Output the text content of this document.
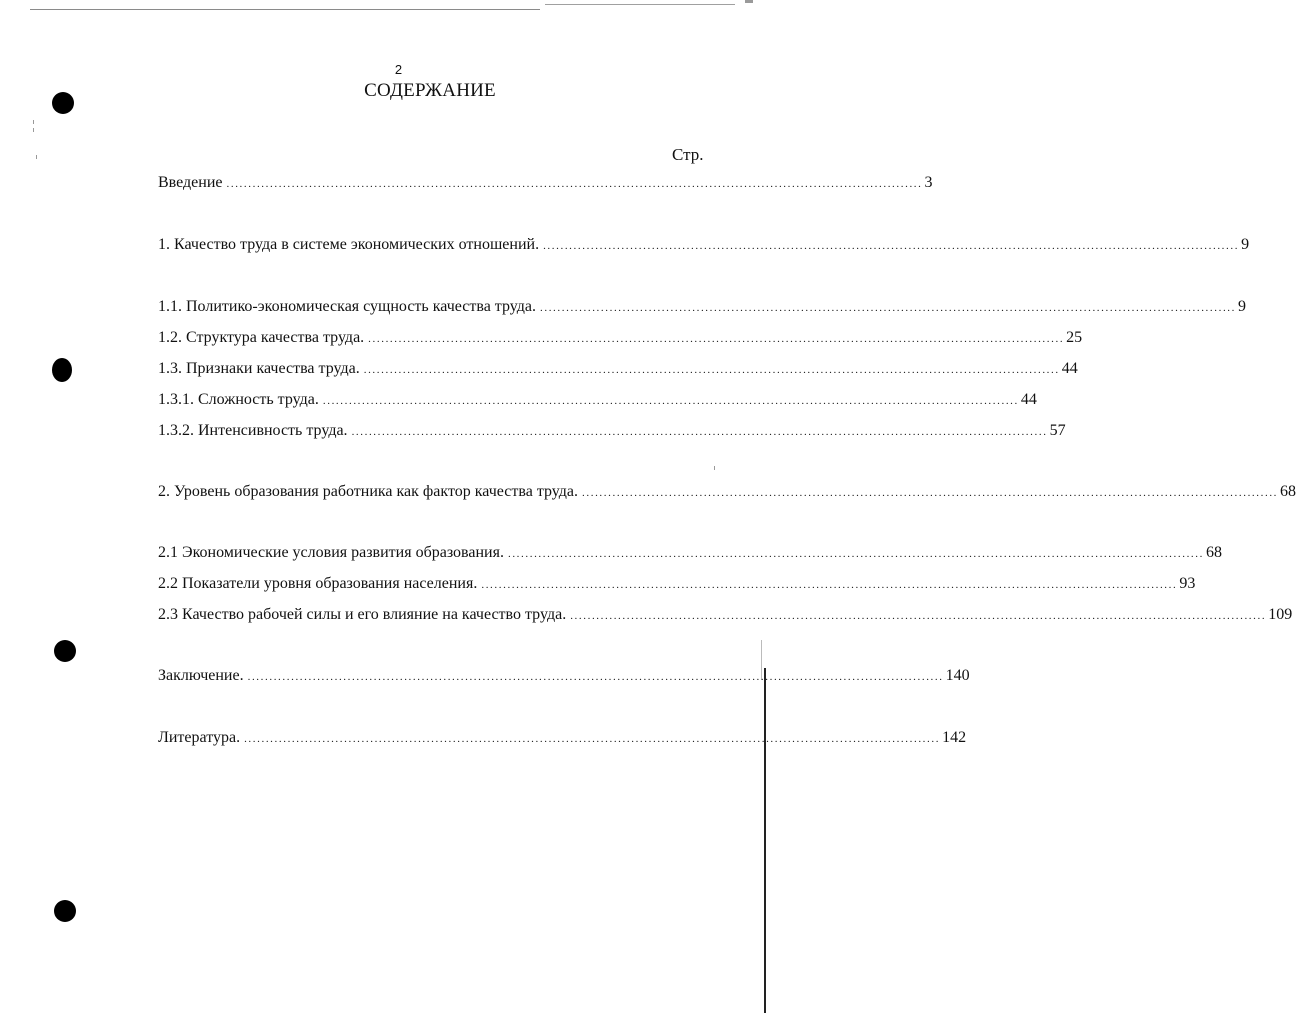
2
СОДЕРЖАНИЕ
Стр.
Введение ................................................................................................................................................................ 3
1. Качество труда в системе экономических отношений. ................................................................................................................................................................ 9
1.1. Политико-экономическая сущность качества труда. ................................................................................................................................................................ 9
1.2. Структура качества труда. ................................................................................................................................................................ 25
1.3. Признаки качества труда. ................................................................................................................................................................ 44
1.3.1. Сложность труда. ................................................................................................................................................................ 44
1.3.2. Интенсивность труда. ................................................................................................................................................................ 57
2. Уровень образования работника как фактор качества труда. ................................................................................................................................................................ 68
2.1 Экономические условия развития образования. ................................................................................................................................................................ 68
2.2 Показатели уровня образования населения. ................................................................................................................................................................ 93
2.3 Качество рабочей силы и его влияние на качество труда. ................................................................................................................................................................ 109
Заключение. ................................................................................................................................................................ 140
Литература. ................................................................................................................................................................ 142
